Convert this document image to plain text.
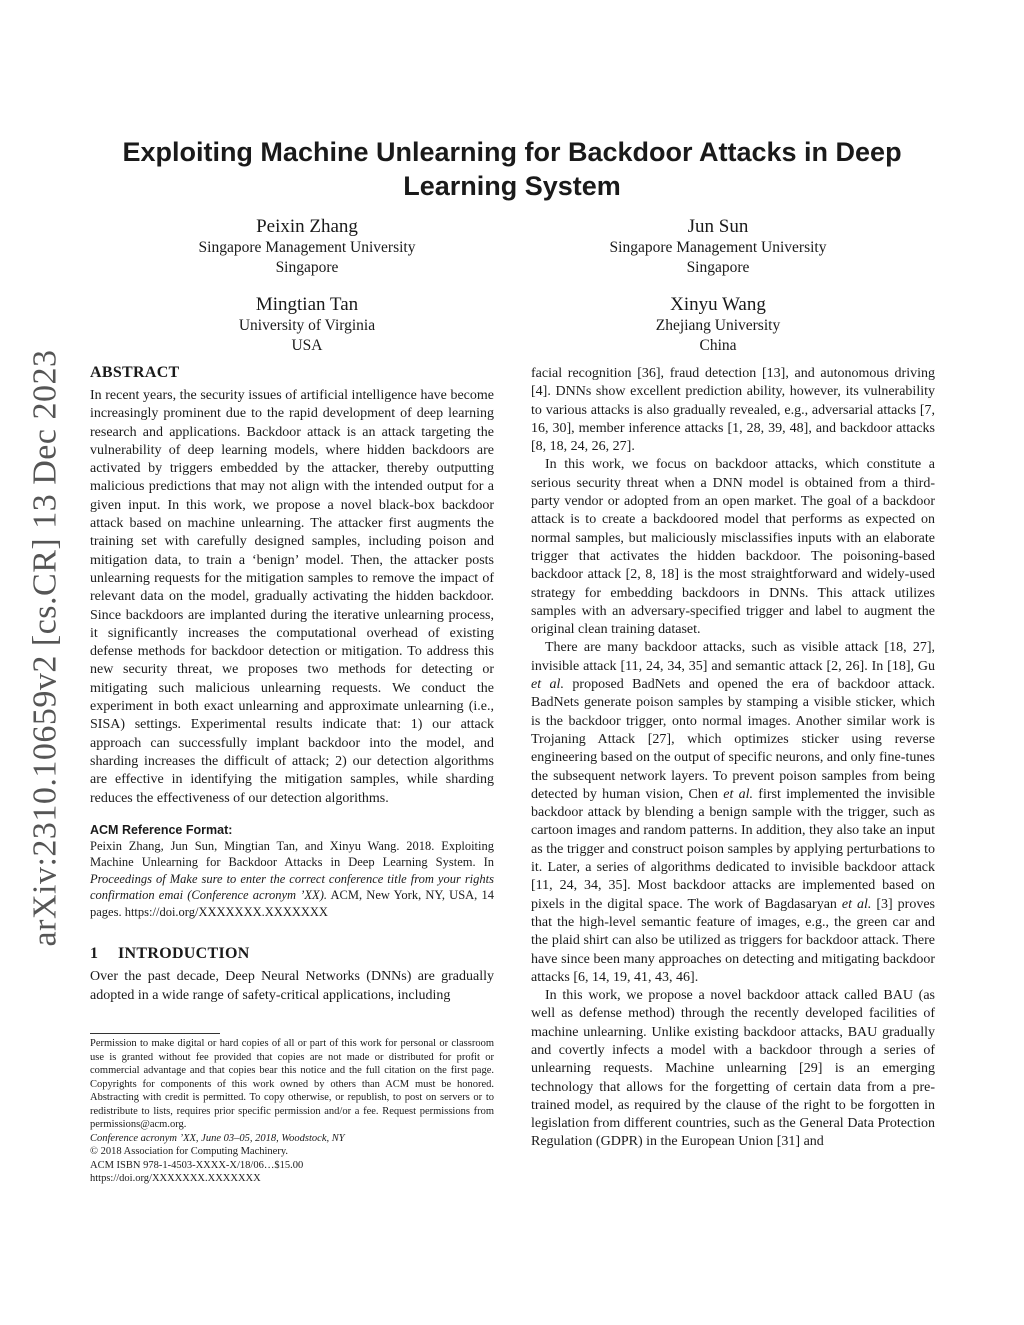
arXiv:2310.10659v2 [cs.CR] 13 Dec 2023
Exploiting Machine Unlearning for Backdoor Attacks in Deep Learning System
Peixin Zhang
Singapore Management University
Singapore
Jun Sun
Singapore Management University
Singapore
Mingtian Tan
University of Virginia
USA
Xinyu Wang
Zhejiang University
China
ABSTRACT

In recent years, the security issues of artificial intelligence have become increasingly prominent due to the rapid development of deep learning research and applications. Backdoor attack is an attack targeting the vulnerability of deep learning models, where hidden backdoors are activated by triggers embedded by the attacker, thereby outputting malicious predictions that may not align with the intended output for a given input. In this work, we propose a novel black-box backdoor attack based on machine unlearning. The attacker first augments the training set with carefully designed samples, including poison and mitigation data, to train a ‘benign’ model. Then, the attacker posts unlearning requests for the mitigation samples to remove the impact of relevant data on the model, gradually activating the hidden backdoor. Since backdoors are implanted during the iterative unlearning process, it significantly increases the computational overhead of existing defense methods for backdoor detection or mitigation. To address this new security threat, we proposes two methods for detecting or mitigating such malicious unlearning requests. We conduct the experiment in both exact unlearning and approximate unlearning (i.e., SISA) settings. Experimental results indicate that: 1) our attack approach can successfully implant backdoor into the model, and sharding increases the difficult of attack; 2) our detection algorithms are effective in identifying the mitigation samples, while sharding reduces the effectiveness of our detection algorithms.

ACM Reference Format:
Peixin Zhang, Jun Sun, Mingtian Tan, and Xinyu Wang. 2018. Exploiting Machine Unlearning for Backdoor Attacks in Deep Learning System. In Proceedings of Make sure to enter the correct conference title from your rights confirmation emai (Conference acronym ’XX). ACM, New York, NY, USA, 14 pages. https://doi.org/XXXXXXX.XXXXXXX
1 INTRODUCTION

Over the past decade, Deep Neural Networks (DNNs) are gradually adopted in a wide range of safety-critical applications, including

Permission to make digital or hard copies of all or part of this work for personal or classroom use is granted without fee provided that copies are not made or distributed for profit or commercial advantage and that copies bear this notice and the full citation on the first page. Copyrights for components of this work owned by others than ACM must be honored. Abstracting with credit is permitted. To copy otherwise, or republish, to post on servers or to redistribute to lists, requires prior specific permission and/or a fee. Request permissions from permissions@acm.org.

Conference acronym ’XX, June 03–05, 2018, Woodstock, NY

© 2018 Association for Computing Machinery.

ACM ISBN 978-1-4503-XXXX-X/18/06…$15.00

https://doi.org/XXXXXXX.XXXXXXX

facial recognition [36], fraud detection [13], and autonomous driving [4]. DNNs show excellent prediction ability, however, its vulnerability to various attacks is also gradually revealed, e.g., adversarial attacks [7, 16, 30], member inference attacks [1, 28, 39, 48], and backdoor attacks [8, 18, 24, 26, 27].

In this work, we focus on backdoor attacks, which constitute a serious security threat when a DNN model is obtained from a third-party vendor or adopted from an open market. The goal of a backdoor attack is to create a backdoored model that performs as expected on normal samples, but maliciously misclassifies inputs with an elaborate trigger that activates the hidden backdoor. The poisoning-based backdoor attack [2, 8, 18] is the most straightforward and widely-used strategy for embedding backdoors in DNNs. This attack utilizes samples with an adversary-specified trigger and label to augment the original clean training dataset.

There are many backdoor attacks, such as visible attack [18, 27], invisible attack [11, 24, 34, 35] and semantic attack [2, 26]. In [18], Gu et al. proposed BadNets and opened the era of backdoor attack. BadNets generate poison samples by stamping a visible sticker, which is the backdoor trigger, onto normal images. Another similar work is Trojaning Attack [27], which optimizes sticker using reverse engineering based on the output of specific neurons, and only fine-tunes the subsequent network layers. To prevent poison samples from being detected by human vision, Chen et al. first implemented the invisible backdoor attack by blending a benign sample with the trigger, such as cartoon images and random patterns. In addition, they also take an input as the trigger and construct poison samples by applying perturbations to it. Later, a series of algorithms dedicated to invisible backdoor attack [11, 24, 34, 35]. Most backdoor attacks are implemented based on pixels in the digital space. The work of Bagdasaryan et al. [3] proves that the high-level semantic feature of images, e.g., the green car and the plaid shirt can also be utilized as triggers for backdoor attack. There have since been many approaches on detecting and mitigating backdoor attacks [6, 14, 19, 41, 43, 46].

In this work, we propose a novel backdoor attack called BAU (as well as defense method) through the recently developed facilities of machine unlearning. Unlike existing backdoor attacks, BAU gradually and covertly infects a model with a backdoor through a series of unlearning requests. Machine unlearning [29] is an emerging technology that allows for the forgetting of certain data from a pre-trained model, as required by the clause of the right to be forgotten in legislation from different countries, such as the General Data Protection Regulation (GDPR) in the European Union [31] and
